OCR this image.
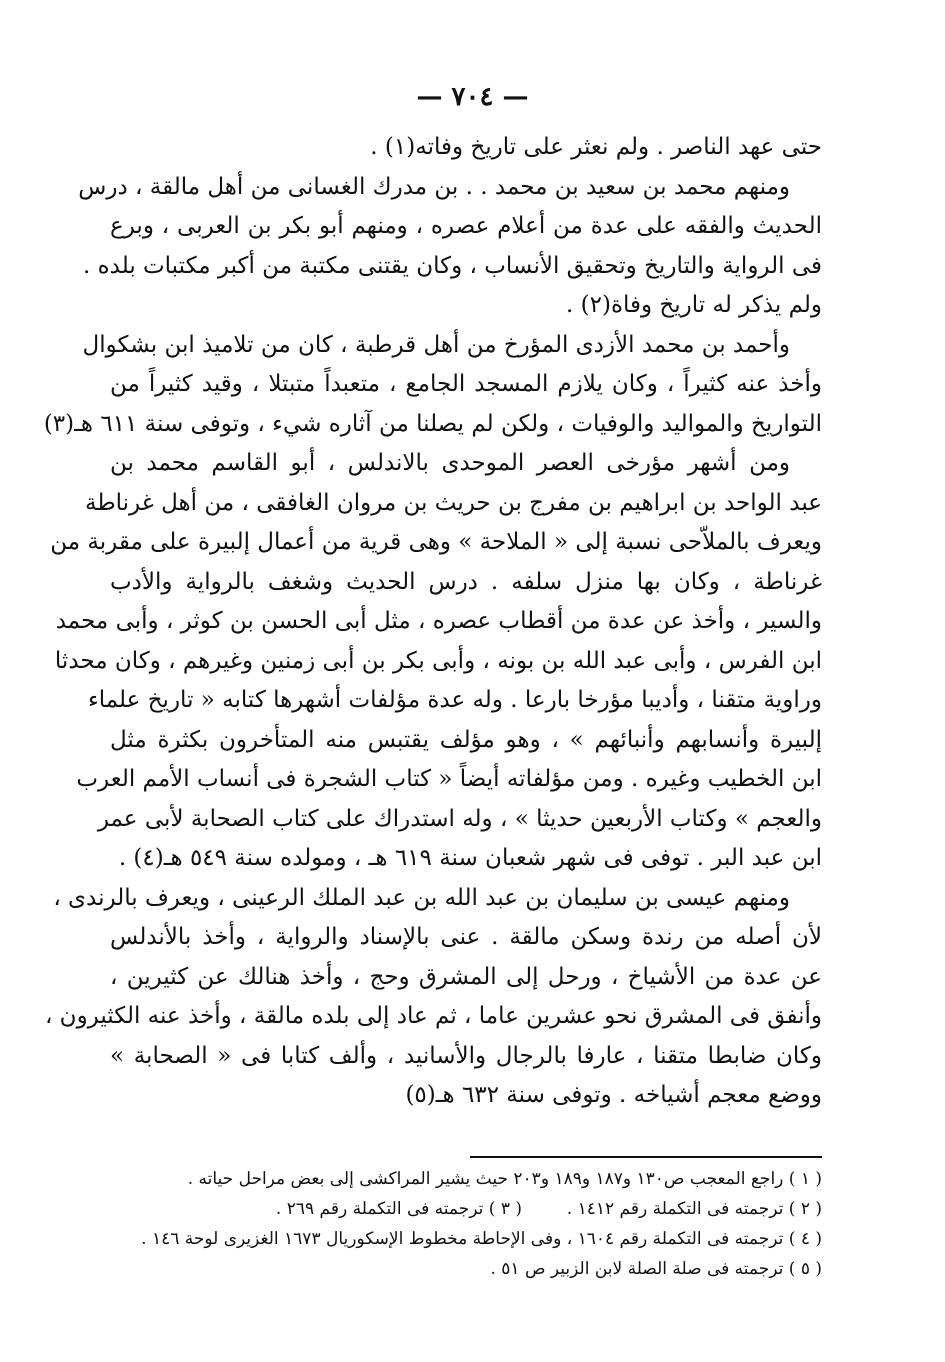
— ٧٠٤ —
حتى عهد الناصر . ولم نعثر على تاريخ وفاته(١) .
ومنهم محمد بن سعيد بن محمد . . بن مدرك الغسانى من أهل مالقة ، درس
الحديث والفقه على عدة من أعلام عصره ، ومنهم أبو بكر بن العربى ، وبرع
فى الرواية والتاريخ وتحقيق الأنساب ، وكان يقتنى مكتبة من أكبر مكتبات بلده .
ولم يذكر له تاريخ وفاة(٢) .
وأحمد بن محمد الأزدى المؤرخ من أهل قرطبة ، كان من تلاميذ ابن بشكوال
وأخذ عنه كثيراً ، وكان يلازم المسجد الجامع ، متعبداً متبتلا ، وقيد كثيراً من
التواريخ والمواليد والوفيات ، ولكن لم يصلنا من آثاره شيء ، وتوفى سنة ٦١١ هـ(٣)
ومن أشهر مؤرخى العصر الموحدى بالاندلس ، أبو القاسم محمد بن
عبد الواحد بن ابراهيم بن مفرج بن حريث بن مروان الغافقى ، من أهل غرناطة
ويعرف بالملاّحى نسبة إلى « الملاحة » وهى قرية من أعمال إلبيرة على مقربة من
غرناطة ، وكان بها منزل سلفه . درس الحديث وشغف بالرواية والأدب
والسير ، وأخذ عن عدة من أقطاب عصره ، مثل أبى الحسن بن كوثر ، وأبى محمد
ابن الفرس ، وأبى عبد الله بن بونه ، وأبى بكر بن أبى زمنين وغيرهم ، وكان محدثا
وراوية متقنا ، وأديبا مؤرخا بارعا . وله عدة مؤلفات أشهرها كتابه « تاريخ علماء
إلبيرة وأنسابهم وأنبائهم » ، وهو مؤلف يقتبس منه المتأخرون بكثرة مثل
ابن الخطيب وغيره . ومن مؤلفاته أيضاً « كتاب الشجرة فى أنساب الأمم العرب
والعجم » وكتاب الأربعين حديثا » ، وله استدراك على كتاب الصحابة لأبى عمر
ابن عبد البر . توفى فى شهر شعبان سنة ٦١٩ هـ ، ومولده سنة ٥٤٩ هـ(٤) .
ومنهم عيسى بن سليمان بن عبد الله بن عبد الملك الرعينى ، ويعرف بالرندى ،
لأن أصله من رندة وسكن مالقة . عنى بالإسناد والرواية ، وأخذ بالأندلس
عن عدة من الأشياخ ، ورحل إلى المشرق وحج ، وأخذ هنالك عن كثيرين ،
وأنفق فى المشرق نحو عشرين عاما ، ثم عاد إلى بلده مالقة ، وأخذ عنه الكثيرون ،
وكان ضابطا متقنا ، عارفا بالرجال والأسانيد ، وألف كتابا فى « الصحابة »
ووضع معجم أشياخه . وتوفى سنة ٦٣٢ هـ(٥)
( ١ ) راجع المعجب ص١٣٠ و١٨٧ و١٨٩ و٢٠٣ حيث يشير المراكشى إلى بعض مراحل حياته .
( ٢ ) ترجمته فى التكملة رقم ١٤١٢ .
( ٣ ) ترجمته فى التكملة رقم ٢٦٩ .
( ٤ ) ترجمته فى التكملة رقم ١٦٠٤ ، وفى الإحاطة مخطوط الإسكوريال ١٦٧٣ الغزيرى لوحة ١٤٦ .
( ٥ ) ترجمته فى صلة الصلة لابن الزبير ص ٥١ .
